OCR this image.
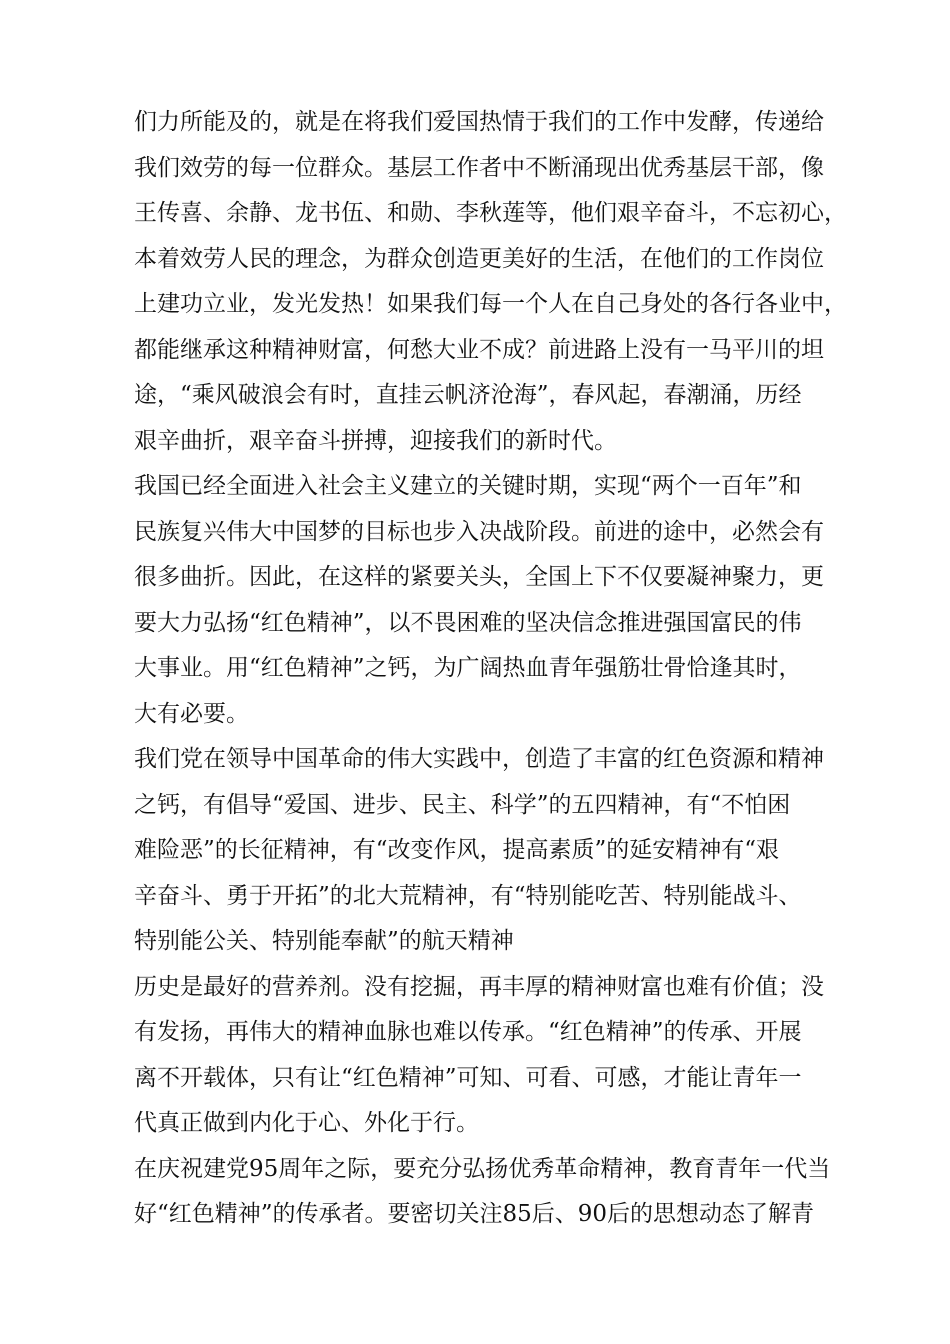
们力所能及的，就是在将我们爱国热情于我们的工作中发酵，传递给
我们效劳的每一位群众。基层工作者中不断涌现出优秀基层干部，像
王传喜、余静、龙书伍、和勋、李秋莲等，他们艰辛奋斗，不忘初心，
本着效劳人民的理念，为群众创造更美好的生活，在他们的工作岗位
上建功立业，发光发热！如果我们每一个人在自己身处的各行各业中，
都能继承这种精神财富，何愁大业不成？前进路上没有一马平川的坦
途，“乘风破浪会有时，直挂云帆济沧海”，春风起，春潮涌，历经
艰辛曲折，艰辛奋斗拼搏，迎接我们的新时代。

我国已经全面进入社会主义建立的关键时期，实现“两个一百年”和
民族复兴伟大中国梦的目标也步入决战阶段。前进的途中，必然会有
很多曲折。因此，在这样的紧要关头，全国上下不仅要凝神聚力，更
要大力弘扬“红色精神”，以不畏困难的坚决信念推进强国富民的伟
大事业。用“红色精神”之钙，为广阔热血青年强筋壮骨恰逢其时，
大有必要。

我们党在领导中国革命的伟大实践中，创造了丰富的红色资源和精神
之钙，有倡导“爱国、进步、民主、科学”的五四精神，有“不怕困
难险恶”的长征精神，有“改变作风，提高素质”的延安精神有“艰
辛奋斗、勇于开拓”的北大荒精神，有“特别能吃苦、特别能战斗、
特别能公关、特别能奉献”的航天精神

历史是最好的营养剂。没有挖掘，再丰厚的精神财富也难有价值；没
有发扬，再伟大的精神血脉也难以传承。“红色精神”的传承、开展
离不开载体，只有让“红色精神”可知、可看、可感，才能让青年一
代真正做到内化于心、外化于行。

在庆祝建党95周年之际，要充分弘扬优秀革命精神，教育青年一代当
好“红色精神”的传承者。要密切关注85后、90后的思想动态了解青
